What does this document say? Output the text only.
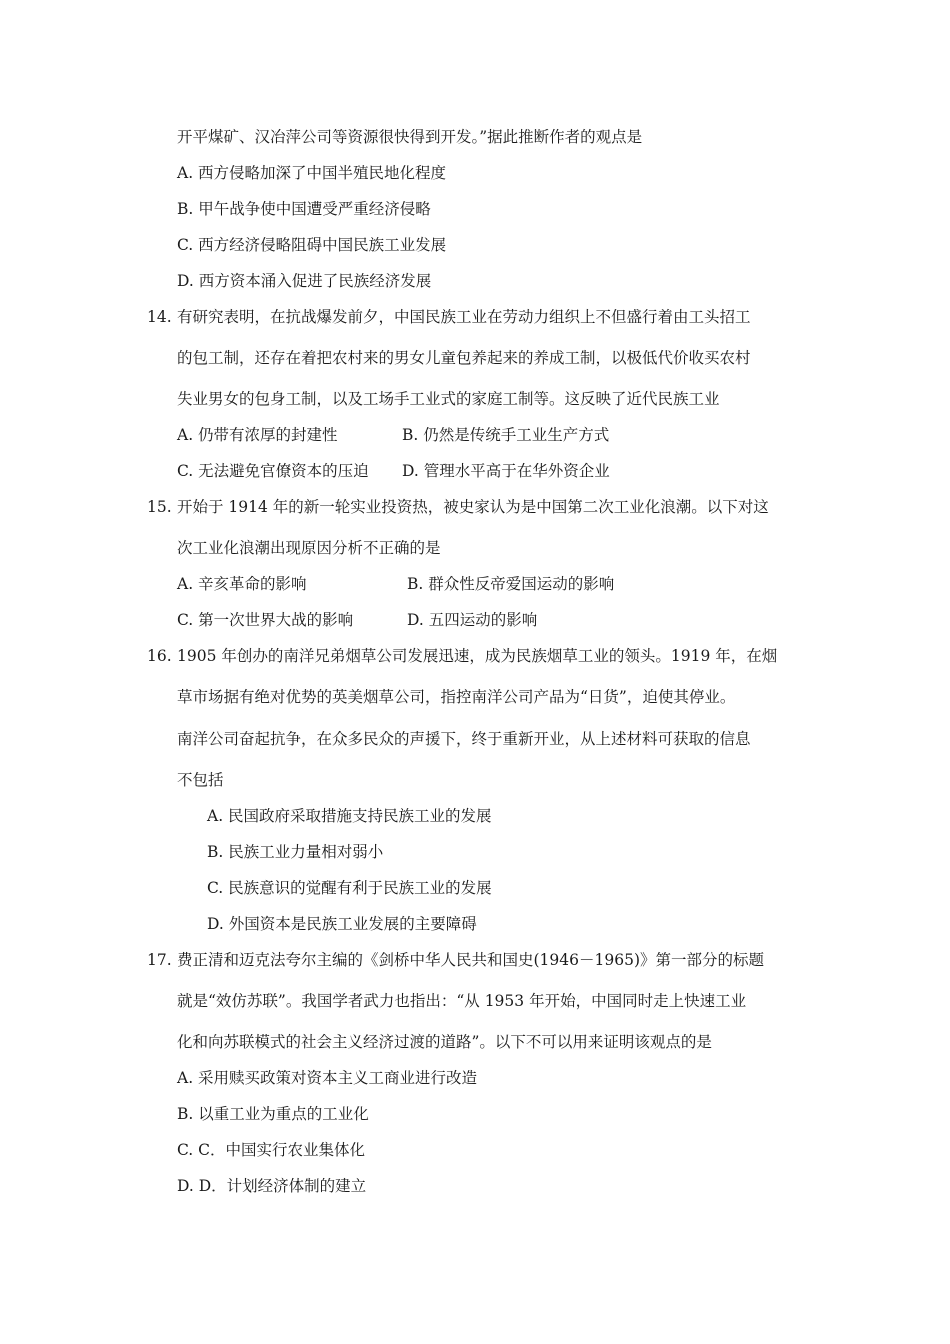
开平煤矿、汉冶萍公司等资源很快得到开发。”据此推断作者的观点是
A. 西方侵略加深了中国半殖民地化程度
B. 甲午战争使中国遭受严重经济侵略
C. 西方经济侵略阻碍中国民族工业发展
D. 西方资本涌入促进了民族经济发展
14. 有研究表明，在抗战爆发前夕，中国民族工业在劳动力组织上不但盛行着由工头招工
的包工制，还存在着把农村来的男女儿童包养起来的养成工制，以极低代价收买农村
失业男女的包身工制，以及工场手工业式的家庭工制等。这反映了近代民族工业
A. 仍带有浓厚的封建性	B. 仍然是传统手工业生产方式
C. 无法避免官僚资本的压迫 D. 管理水平高于在华外资企业
15. 开始于 1914 年的新一轮实业投资热，被史家认为是中国第二次工业化浪潮。以下对这
次工业化浪潮出现原因分析不正确的是
A. 辛亥革命的影响	B. 群众性反帝爱国运动的影响
C. 第一次世界大战的影响	D. 五四运动的影响
16. 1905 年创办的南洋兄弟烟草公司发展迅速，成为民族烟草工业的领头。1919 年，在烟
草市场据有绝对优势的英美烟草公司，指控南洋公司产品为“日货”，迫使其停业。
南洋公司奋起抗争，在众多民众的声援下，终于重新开业，从上述材料可获取的信息
不包括
A. 民国政府采取措施支持民族工业的发展
B. 民族工业力量相对弱小
C. 民族意识的觉醒有利于民族工业的发展
D. 外国资本是民族工业发展的主要障碍
17. 费正清和迈克法夸尔主编的《剑桥中华人民共和国史(1946－1965)》第一部分的标题
就是“效仿苏联”。我国学者武力也指出：“从 1953 年开始，中国同时走上快速工业
化和向苏联模式的社会主义经济过渡的道路”。以下不可以用来证明该观点的是
A. 采用赎买政策对资本主义工商业进行改造
B. 以重工业为重点的工业化
C. C．中国实行农业集体化
D. D．计划经济体制的建立
